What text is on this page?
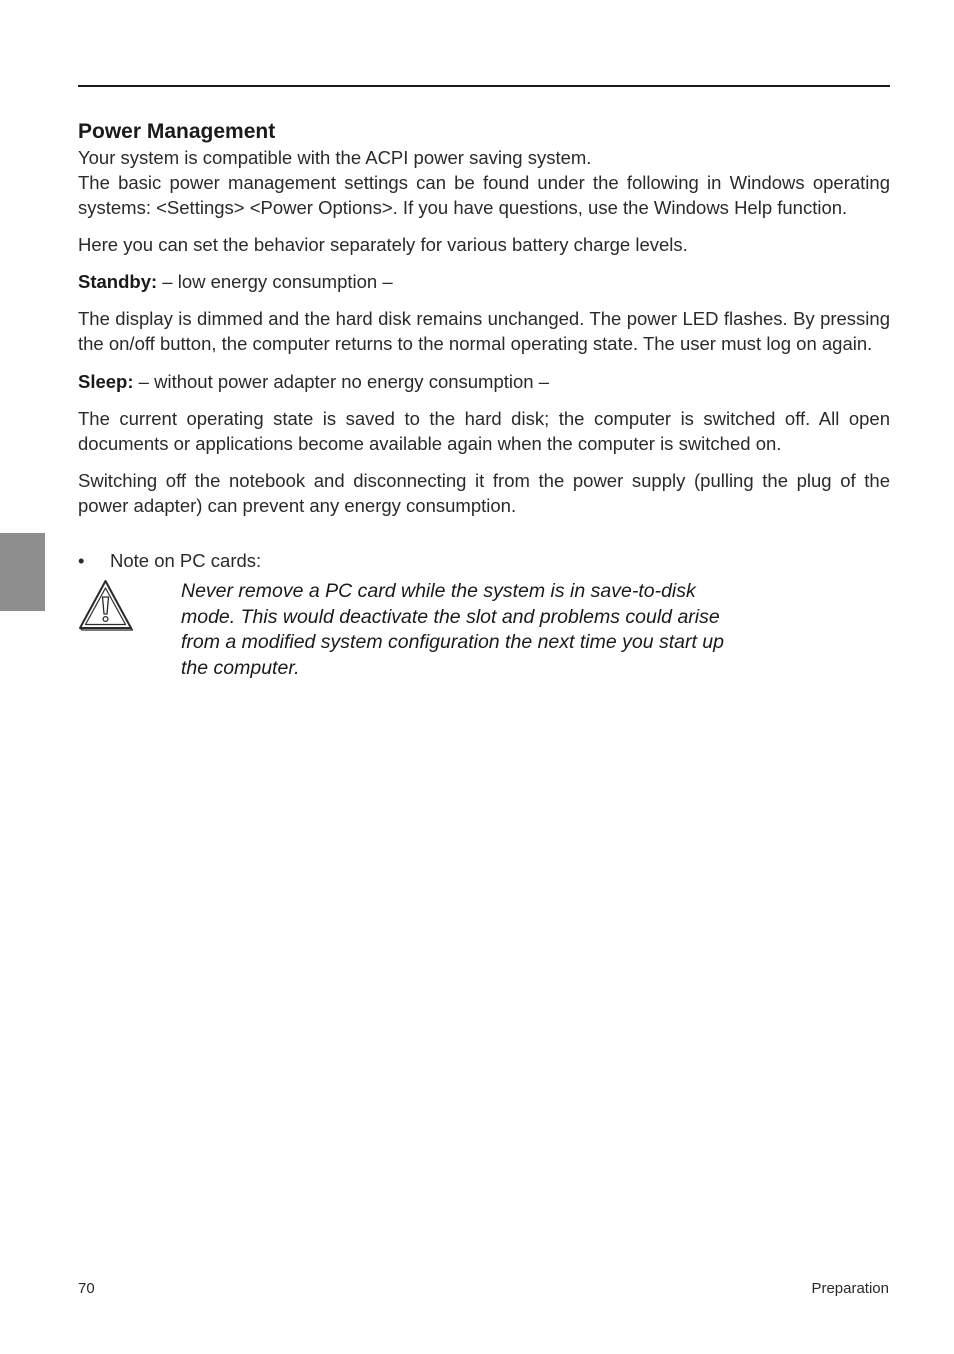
Power Management

Your system is compatible with the ACPI power saving system.
The basic power management settings can be found under the following in Windows operating systems: <Settings> <Power Options>. If you have questions, use the Windows Help function.

Here you can set the behavior separately for various battery charge levels.

Standby: – low energy consumption –

The display is dimmed and the hard disk remains unchanged. The power LED flashes. By pressing the on/off button, the computer returns to the normal operating state. The user must log on again.

Sleep: – without power adapter no energy consumption –

The current operating state is saved to the hard disk; the computer is switched off. All open documents or applications become available again when the computer is switched on.

Switching off the notebook and disconnecting it from the power supply (pulling the plug of the power adapter) can prevent any energy consumption.

•	Note on PC cards:
Never remove a PC card while the system is in save-to-disk mode. This would deactivate the slot and problems could arise from a modified system configuration the next time you start up the computer.
70	Preparation
